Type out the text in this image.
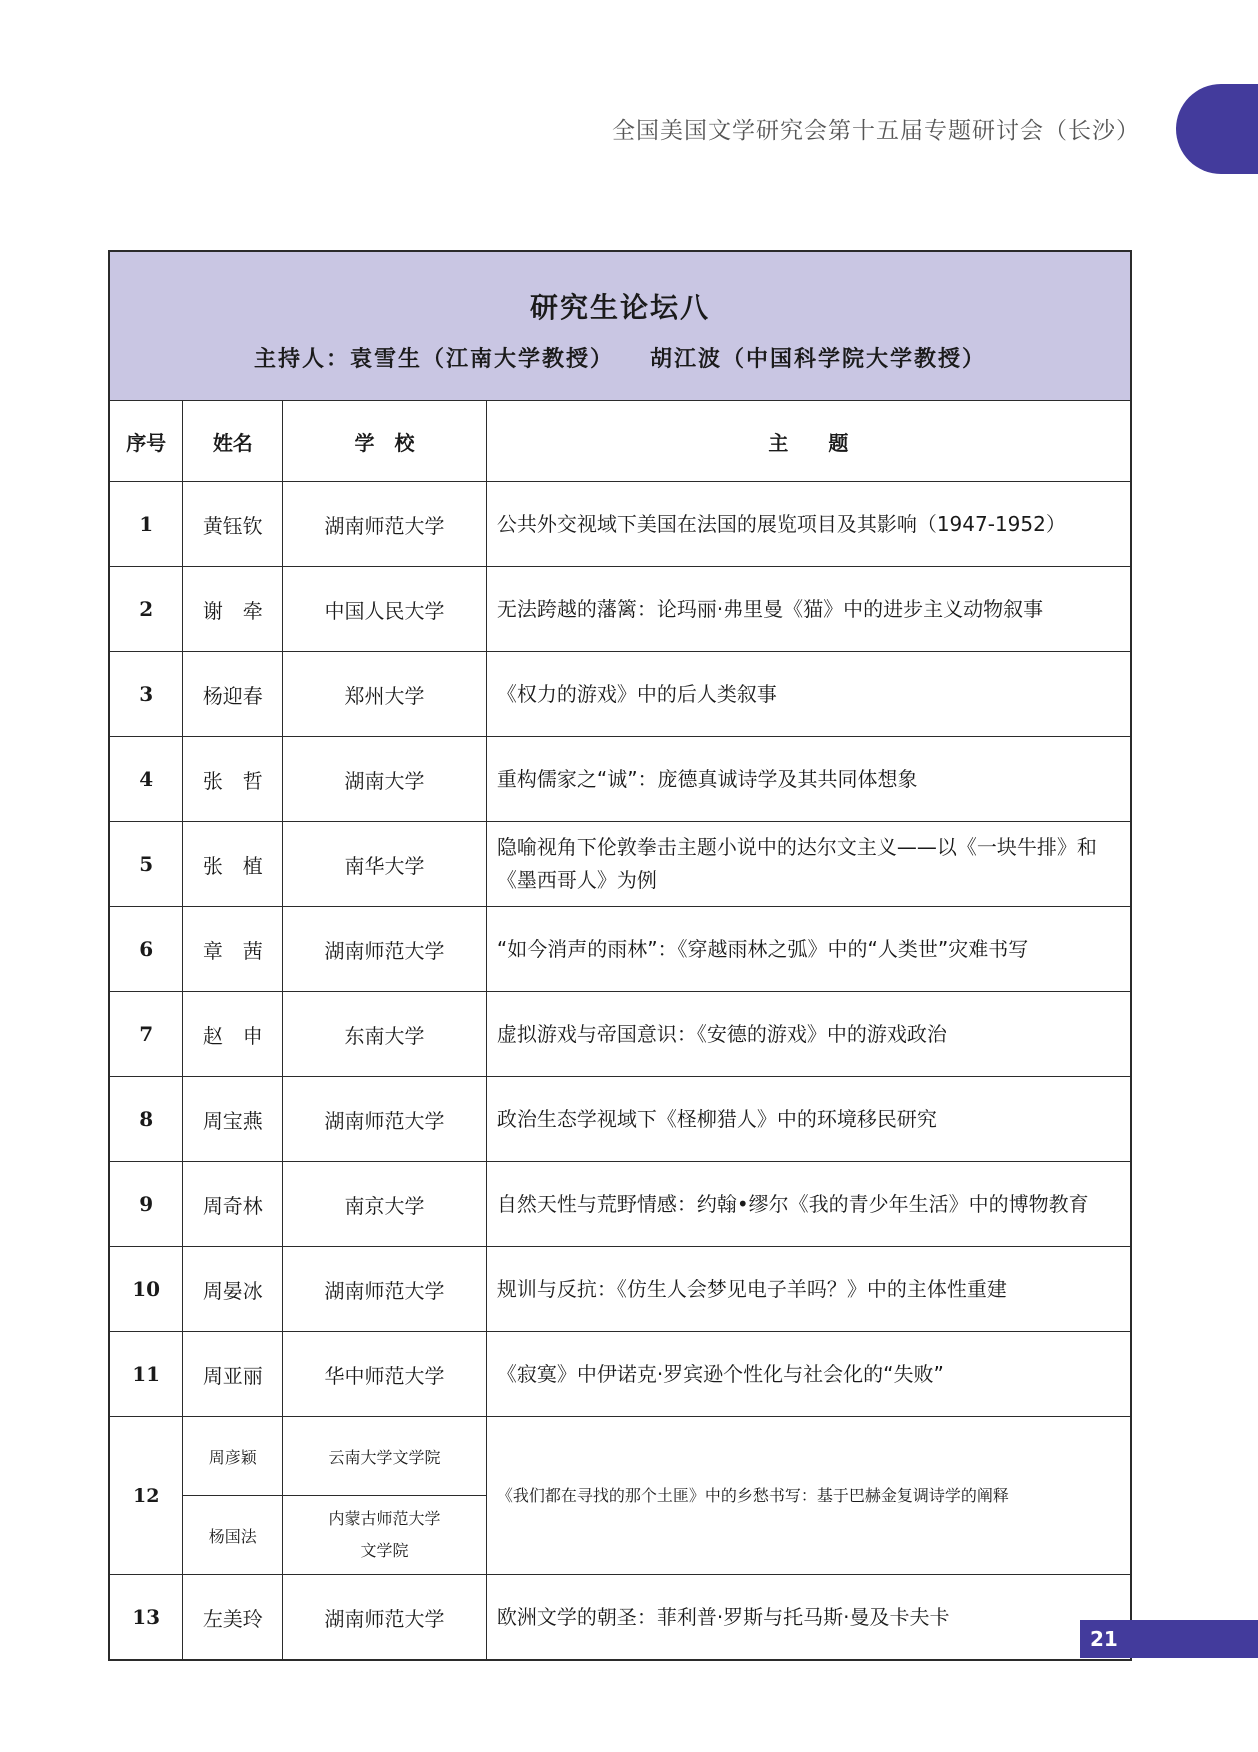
全国美国文学研究会第十五届专题研讨会（长沙）
研究生论坛八
主持人：袁雪生（江南大学教授） 胡江波（中国科学院大学教授）			

序号	姓名	学　校	主　　题
1	黄钰钦	湖南师范大学	公共外交视域下美国在法国的展览项目及其影响（1947-1952）
2	谢　牵	中国人民大学	无法跨越的藩篱：论玛丽·弗里曼《猫》中的进步主义动物叙事
3	杨迎春	郑州大学	《权力的游戏》中的后人类叙事
4	张　哲	湖南大学	重构儒家之“诚”：庞德真诚诗学及其共同体想象
5	张　植	南华大学	隐喻视角下伦敦拳击主题小说中的达尔文主义——以《一块牛排》和《墨西哥人》为例
6	章　茜	湖南师范大学	“如今消声的雨林”：《穿越雨林之弧》中的“人类世”灾难书写
7	赵　申	东南大学	虚拟游戏与帝国意识：《安德的游戏》中的游戏政治
8	周宝燕	湖南师范大学	政治生态学视域下《柽柳猎人》中的环境移民研究
9	周奇林	南京大学	自然天性与荒野情感：约翰•缪尔《我的青少年生活》中的博物教育
10	周晏冰	湖南师范大学	规训与反抗：《仿生人会梦见电子羊吗？》中的主体性重建
11	周亚丽	华中师范大学	《寂寞》中伊诺克·罗宾逊个性化与社会化的“失败”
12	周彦颖	云南大学文学院	《我们都在寻找的那个土匪》中的乡愁书写：基于巴赫金复调诗学的阐释
	杨国法	内蒙古师范大学
文学院	
13	左美玲	湖南师范大学	欧洲文学的朝圣：菲利普·罗斯与托马斯·曼及卡夫卡
21
